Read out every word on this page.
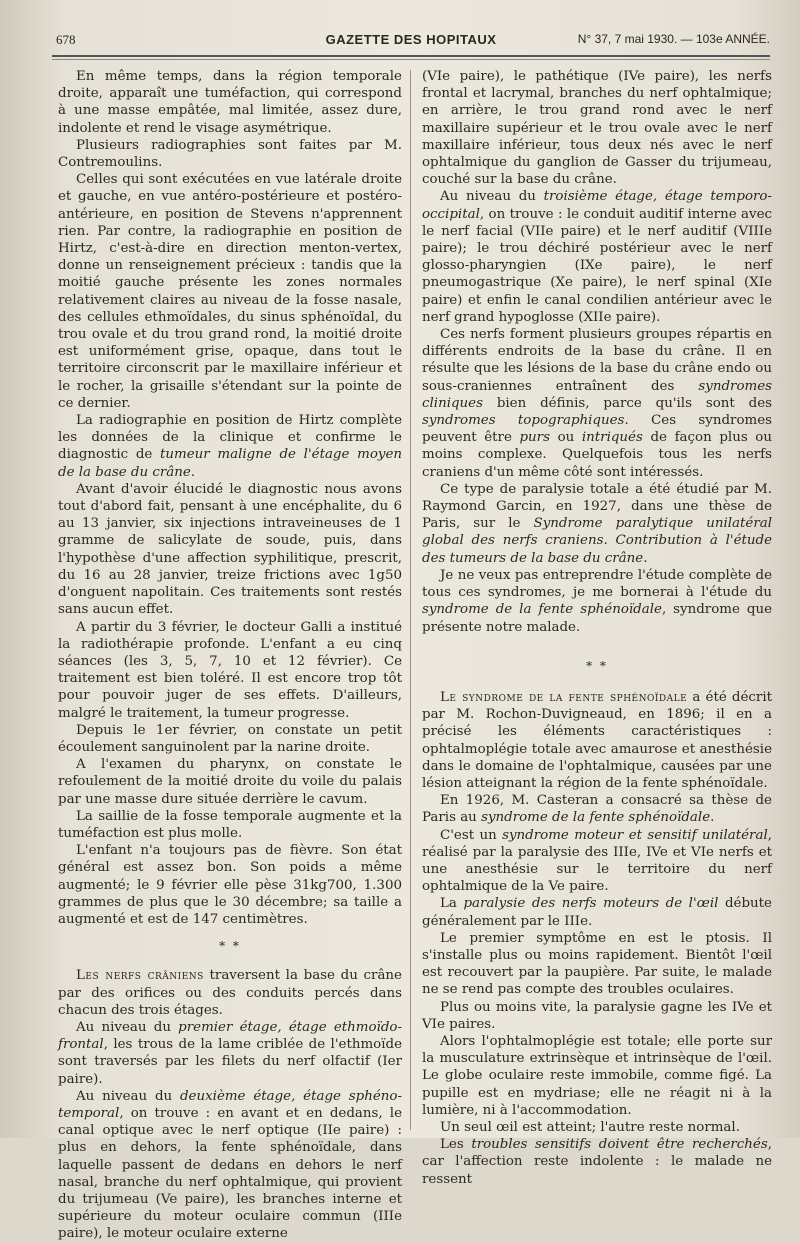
678	GAZETTE DES HOPITAUX	N° 37, 7 mai 1930. — 103e ANNÉE.

En même temps, dans la région temporale droite, apparaît une tuméfaction, qui correspond à une masse empâtée, mal limitée, assez dure, indolente et rend le visage asymétrique.

Plusieurs radiographies sont faites par M. Contremoulins.

Celles qui sont exécutées en vue latérale droite et gauche, en vue antéro-postérieure et postéro-antérieure, en position de Stevens n'apprennent rien. Par contre, la radiographie en position de Hirtz, c'est-à-dire en direction menton-vertex, donne un renseignement précieux : tandis que la moitié gauche présente les zones normales relativement claires au niveau de la fosse nasale, des cellules ethmoïdales, du sinus sphénoïdal, du trou ovale et du trou grand rond, la moitié droite est uniformément grise, opaque, dans tout le territoire circonscrit par le maxillaire inférieur et le rocher, la grisaille s'étendant sur la pointe de ce dernier.

La radiographie en position de Hirtz complète les données de la clinique et confirme le diagnostic de tumeur maligne de l'étage moyen de la base du crâne.

Avant d'avoir élucidé le diagnostic nous avons tout d'abord fait, pensant à une encéphalite, du 6 au 13 janvier, six injections intraveineuses de 1 gramme de salicylate de soude, puis, dans l'hypothèse d'une affection syphilitique, prescrit, du 16 au 28 janvier, treize frictions avec 1g50 d'onguent napolitain. Ces traitements sont restés sans aucun effet.

A partir du 3 février, le docteur Galli a institué la radiothérapie profonde. L'enfant a eu cinq séances (les 3, 5, 7, 10 et 12 février). Ce traitement est bien toléré. Il est encore trop tôt pour pouvoir juger de ses effets. D'ailleurs, malgré le traitement, la tumeur progresse.

Depuis le 1er février, on constate un petit écoulement sanguinolent par la narine droite.

A l'examen du pharynx, on constate le refoulement de la moitié droite du voile du palais par une masse dure située derrière le cavum.

La saillie de la fosse temporale augmente et la tuméfaction est plus molle.

L'enfant n'a toujours pas de fièvre. Son état général est assez bon. Son poids a même augmenté; le 9 février elle pèse 31kg700, 1.300 grammes de plus que le 30 décembre; sa taille a augmenté et est de 147 centimètres.

* *

Les nerfs crâniens traversent la base du crâne par des orifices ou des conduits percés dans chacun des trois étages.

Au niveau du premier étage, étage ethmoïdo-frontal, les trous de la lame criblée de l'ethmoïde sont traversés par les filets du nerf olfactif (Ier paire).

Au niveau du deuxième étage, étage sphéno-temporal, on trouve : en avant et en dedans, le canal optique avec le nerf optique (IIe paire) : plus en dehors, la fente sphénoïdale, dans laquelle passent de dedans en dehors le nerf nasal, branche du nerf ophtalmique, qui provient du trijumeau (Ve paire), les branches interne et supérieure du moteur oculaire commun (IIIe paire), le moteur oculaire externe

(VIe paire), le pathétique (IVe paire), les nerfs frontal et lacrymal, branches du nerf ophtalmique; en arrière, le trou grand rond avec le nerf maxillaire supérieur et le trou ovale avec le nerf maxillaire inférieur, tous deux nés avec le nerf ophtalmique du ganglion de Gasser du trijumeau, couché sur la base du crâne.

Au niveau du troisième étage, étage temporo-occipital, on trouve : le conduit auditif interne avec le nerf facial (VIIe paire) et le nerf auditif (VIIIe paire); le trou déchiré postérieur avec le nerf glosso-pharyngien (IXe paire), le nerf pneumogastrique (Xe paire), le nerf spinal (XIe paire) et enfin le canal condilien antérieur avec le nerf grand hypoglosse (XIIe paire).

Ces nerfs forment plusieurs groupes répartis en différents endroits de la base du crâne. Il en résulte que les lésions de la base du crâne endo ou sous-craniennes entraînent des syndromes cliniques bien définis, parce qu'ils sont des syndromes topographiques. Ces syndromes peuvent être purs ou intriqués de façon plus ou moins complexe. Quelquefois tous les nerfs craniens d'un même côté sont intéressés.

Ce type de paralysie totale a été étudié par M. Raymond Garcin, en 1927, dans une thèse de Paris, sur le Syndrome paralytique unilatéral global des nerfs craniens. Contribution à l'étude des tumeurs de la base du crâne.

Je ne veux pas entreprendre l'étude complète de tous ces syndromes, je me bornerai à l'étude du syndrome de la fente sphénoïdale, syndrome que présente notre malade.

* *

Le syndrome de la fente sphénoïdale a été décrit par M. Rochon-Duvigneaud, en 1896; il en a précisé les éléments caractéristiques : ophtalmoplégie totale avec amaurose et anesthésie dans le domaine de l'ophtalmique, causées par une lésion atteignant la région de la fente sphénoïdale.

En 1926, M. Casteran a consacré sa thèse de Paris au syndrome de la fente sphénoïdale.

C'est un syndrome moteur et sensitif unilatéral, réalisé par la paralysie des IIIe, IVe et VIe nerfs et une anesthésie sur le territoire du nerf ophtalmique de la Ve paire.

La paralysie des nerfs moteurs de l'œil débute généralement par le IIIe.

Le premier symptôme en est le ptosis. Il s'installe plus ou moins rapidement. Bientôt l'œil est recouvert par la paupière. Par suite, le malade ne se rend pas compte des troubles oculaires.

Plus ou moins vite, la paralysie gagne les IVe et VIe paires.

Alors l'ophtalmoplégie est totale; elle porte sur la musculature extrinsèque et intrinsèque de l'œil. Le globe oculaire reste immobile, comme figé. La pupille est en mydriase; elle ne réagit ni à la lumière, ni à l'accommodation.

Un seul œil est atteint; l'autre reste normal.

Les troubles sensitifs doivent être recherchés, car l'affection reste indolente : le malade ne ressent
